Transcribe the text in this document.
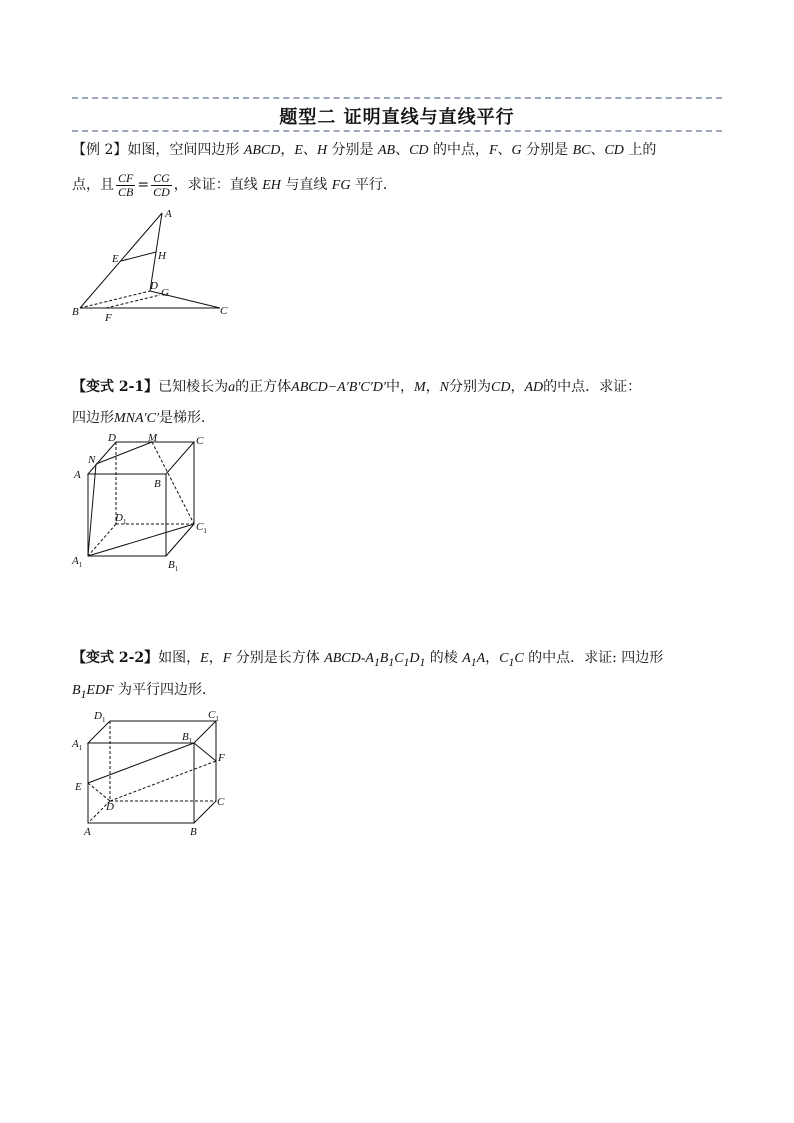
题型二 证明直线与直线平行
【例 2】如图，空间四边形 ABCD，E、H 分别是 AB、CD 的中点，F、G 分别是 BC、CD 上的
点，且 $\frac{CF}{CB} = \frac{CG}{CD}$ ，求证：直线 EH 与直线 FG 平行．
A
E	H
D
G
B F
C
【变式 2-1】已知棱长为a的正方体ABCD−A′B′C′D′中，M，N分别为CD，AD的中点．求证：
四边形MNA′C′是梯形．
D	M	C
N
A
B
$D_1$	$C_1$
$A_1$	$B_1$
【变式 2-2】如图，E，F 分别是长方体 ABCD-$A_1B_1C_1D_1$ 的棱 $A_1A$，$C_1C$ 的中点．求证: 四边形
$B_1EDF$ 为平行四边形．
$D_1$	$C_1$
$A_1$
$B_1$
F
E
D	C
A	B
